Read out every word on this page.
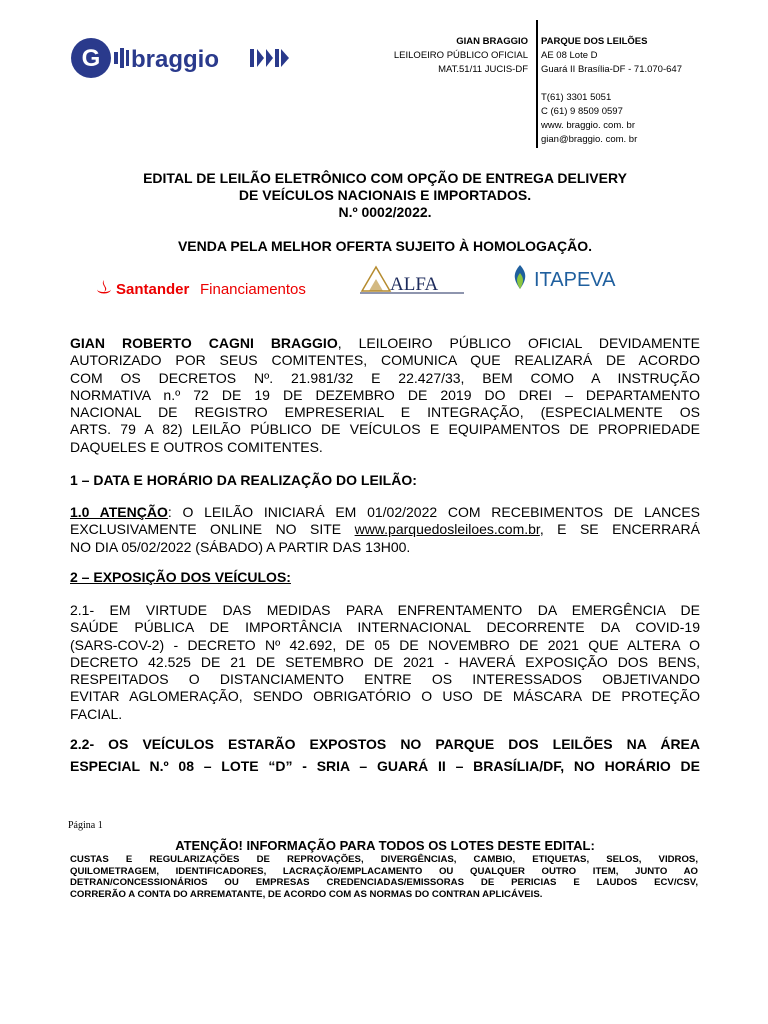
G braggio
GIAN BRAGGIO
LEILOEIRO PÚBLICO OFICIAL
MAT.51/11 JUCIS-DF
PARQUE DOS LEILÕES
AE 08 Lote D
Guará II Brasília-DF - 71.070-647
T(61) 3301 5051
C (61) 9 8509 0597
www. braggio. com. br
gian@braggio. com. br
EDITAL DE LEILÃO ELETRÔNICO COM OPÇÃO DE ENTREGA DELIVERY
DE VEÍCULOS NACIONAIS E IMPORTADOS.
N.º 0002/2022.
VENDA PELA MELHOR OFERTA SUJEITO À HOMOLOGAÇÃO.
Santander Financiamentos	ALFA	ITAPEVA
GIAN ROBERTO CAGNI BRAGGIO, LEILOEIRO PÚBLICO OFICIAL DEVIDAMENTE
AUTORIZADO POR SEUS COMITENTES, COMUNICA QUE REALIZARÁ DE ACORDO
COM OS DECRETOS Nº. 21.981/32 E 22.427/33, BEM COMO A INSTRUÇÃO
NORMATIVA n.º 72 DE 19 DE DEZEMBRO DE 2019 DO DREI – DEPARTAMENTO
NACIONAL DE REGISTRO EMPRESERIAL E INTEGRAÇÃO, (ESPECIALMENTE OS
ARTS. 79 A 82) LEILÃO PÚBLICO DE VEÍCULOS E EQUIPAMENTOS DE PROPRIEDADE
DAQUELES E OUTROS COMITENTES.
1 – DATA E HORÁRIO DA REALIZAÇÃO DO LEILÃO:
1.0 ATENÇÃO: O LEILÃO INICIARÁ EM 01/02/2022 COM RECEBIMENTOS DE LANCES
EXCLUSIVAMENTE ONLINE NO SITE www.parquedosleiloes.com.br, E SE ENCERRARÁ
NO DIA 05/02/2022 (SÁBADO) A PARTIR DAS 13H00.
2 – EXPOSIÇÃO DOS VEÍCULOS:
2.1- EM VIRTUDE DAS MEDIDAS PARA ENFRENTAMENTO DA EMERGÊNCIA DE
SAÚDE PÚBLICA DE IMPORTÂNCIA INTERNACIONAL DECORRENTE DA COVID-19
(SARS-COV-2) - DECRETO Nº 42.692, DE 05 DE NOVEMBRO DE 2021 QUE ALTERA O
DECRETO 42.525 DE 21 DE SETEMBRO DE 2021 - HAVERÁ EXPOSIÇÃO DOS BENS,
RESPEITADOS O DISTANCIAMENTO ENTRE OS INTERESSADOS OBJETIVANDO
EVITAR AGLOMERAÇÃO, SENDO OBRIGATÓRIO O USO DE MÁSCARA DE PROTEÇÃO
FACIAL.
2.2- OS VEÍCULOS ESTARÃO EXPOSTOS NO PARQUE DOS LEILÕES NA ÁREA
ESPECIAL N.º 08 – LOTE “D” - SRIA – GUARÁ II – BRASÍLIA/DF, NO HORÁRIO DE
Página 1
ATENÇÃO! INFORMAÇÃO PARA TODOS OS LOTES DESTE EDITAL:
CUSTAS E REGULARIZAÇÕES DE REPROVAÇÕES, DIVERGÊNCIAS, CAMBIO, ETIQUETAS, SELOS, VIDROS,
QUILOMETRAGEM, IDENTIFICADORES, LACRAÇÃO/EMPLACAMENTO OU QUALQUER OUTRO ITEM, JUNTO AO
DETRAN/CONCESSIONÁRIOS OU EMPRESAS CREDENCIADAS/EMISSORAS DE PERICIAS E LAUDOS ECV/CSV,
CORRERÃO A CONTA DO ARREMATANTE, DE ACORDO COM AS NORMAS DO CONTRAN APLICÁVEIS.
